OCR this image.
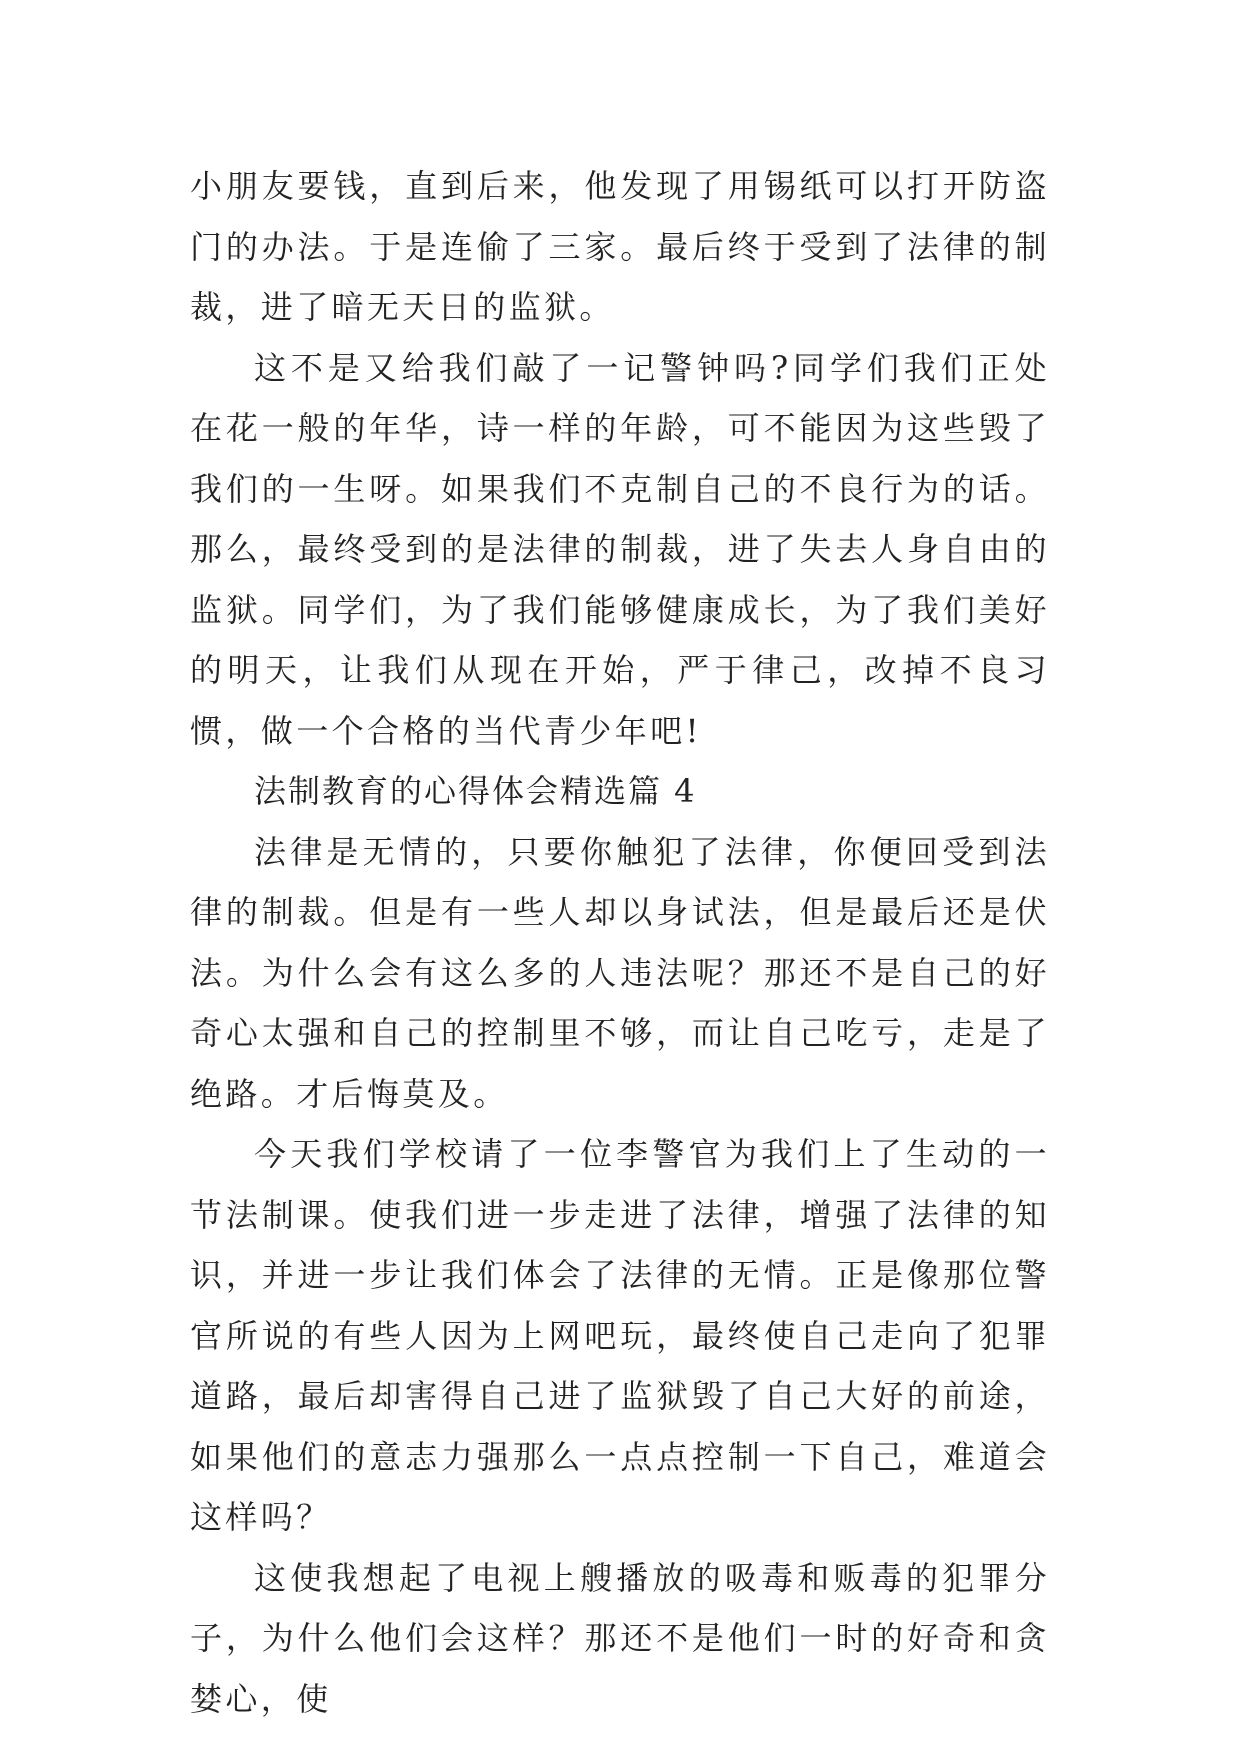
小朋友要钱，直到后来，他发现了用锡纸可以打开防盗门的办法。于是连偷了三家。最后终于受到了法律的制裁，进了暗无天日的监狱。

这不是又给我们敲了一记警钟吗?同学们我们正处在花一般的年华，诗一样的年龄，可不能因为这些毁了我们的一生呀。如果我们不克制自己的不良行为的话。那么，最终受到的是法律的制裁，进了失去人身自由的监狱。同学们，为了我们能够健康成长，为了我们美好的明天，让我们从现在开始，严于律己，改掉不良习惯，做一个合格的当代青少年吧!

法制教育的心得体会精选篇 4

法律是无情的，只要你触犯了法律，你便回受到法律的制裁。但是有一些人却以身试法，但是最后还是伏法。为什么会有这么多的人违法呢？那还不是自己的好奇心太强和自己的控制里不够，而让自己吃亏，走是了绝路。才后悔莫及。

今天我们学校请了一位李警官为我们上了生动的一节法制课。使我们进一步走进了法律，增强了法律的知识，并进一步让我们体会了法律的无情。正是像那位警官所说的有些人因为上网吧玩，最终使自己走向了犯罪道路，最后却害得自己进了监狱毁了自己大好的前途，如果他们的意志力强那么一点点控制一下自己，难道会这样吗？

这使我想起了电视上艘播放的吸毒和贩毒的犯罪分子，为什么他们会这样？那还不是他们一时的好奇和贪婪心，使
